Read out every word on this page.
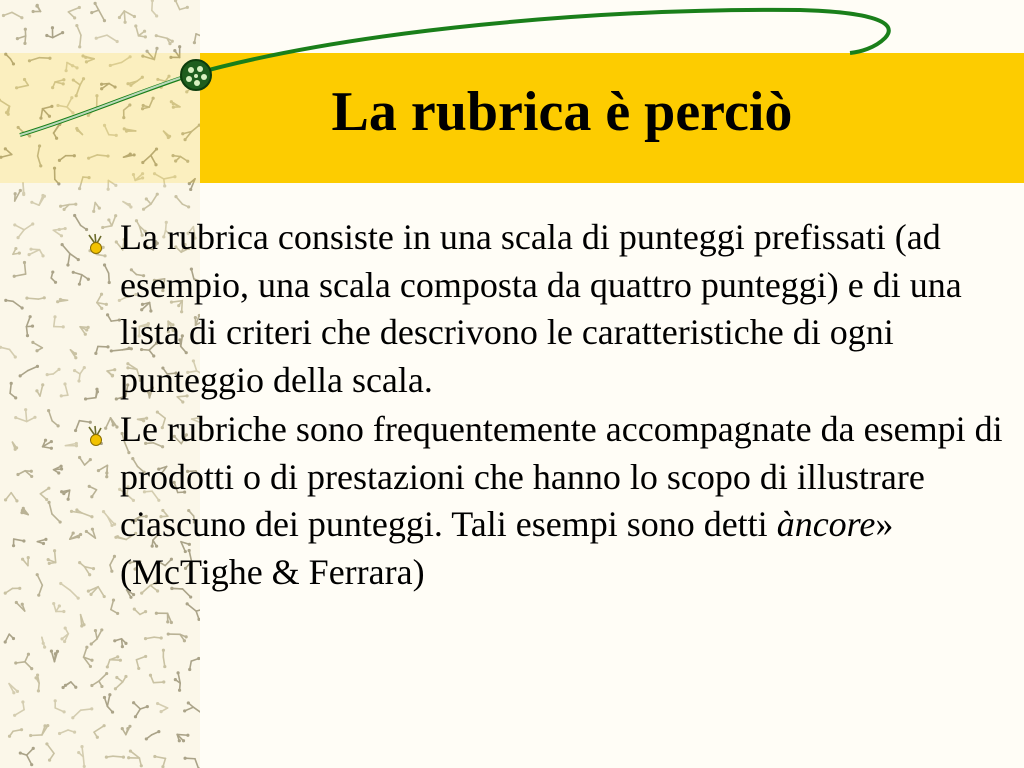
La rubrica è perciò
La rubrica consiste in una scala di punteggi prefissati (ad esempio, una scala composta da quattro punteggi) e di una lista di criteri che descrivono le caratteristiche di ogni punteggio della scala.
Le rubriche sono frequentemente accompagnate da esempi di prodotti o di prestazioni che hanno lo scopo di illustrare ciascuno dei punteggi. Tali esempi sono detti àncore» (McTighe & Ferrara)
